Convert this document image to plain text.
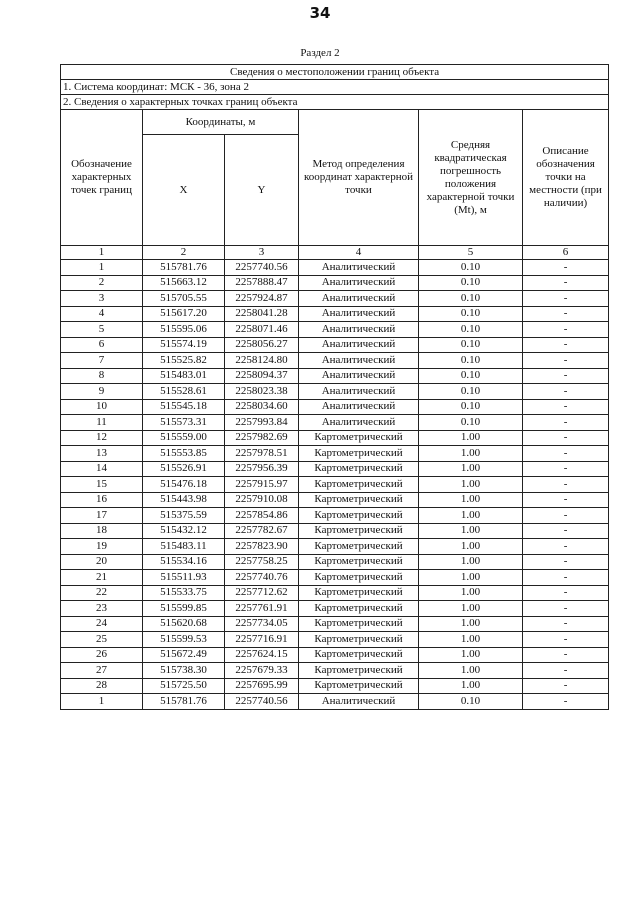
34
Раздел 2
Сведения о местоположении границ объекта					
1. Система координат: МСК - 36, зона 2					
2. Сведения о характерных точках границ объекта					
Обозначение характерных точек границ	Координаты, м		Метод определения координат характерной точки	Средняя квадратическая погрешность положения характерной точки (Mt), м	Описание обозначения точки на местности (при наличии)
	X	Y			
1	2	3	4	5	6
1	515781.76	2257740.56	Аналитический	0.10	-
2	515663.12	2257888.47	Аналитический	0.10	-
3	515705.55	2257924.87	Аналитический	0.10	-
4	515617.20	2258041.28	Аналитический	0.10	-
5	515595.06	2258071.46	Аналитический	0.10	-
6	515574.19	2258056.27	Аналитический	0.10	-
7	515525.82	2258124.80	Аналитический	0.10	-
8	515483.01	2258094.37	Аналитический	0.10	-
9	515528.61	2258023.38	Аналитический	0.10	-
10	515545.18	2258034.60	Аналитический	0.10	-
11	515573.31	2257993.84	Аналитический	0.10	-
12	515559.00	2257982.69	Картометрический	1.00	-
13	515553.85	2257978.51	Картометрический	1.00	-
14	515526.91	2257956.39	Картометрический	1.00	-
15	515476.18	2257915.97	Картометрический	1.00	-
16	515443.98	2257910.08	Картометрический	1.00	-
17	515375.59	2257854.86	Картометрический	1.00	-
18	515432.12	2257782.67	Картометрический	1.00	-
19	515483.11	2257823.90	Картометрический	1.00	-
20	515534.16	2257758.25	Картометрический	1.00	-
21	515511.93	2257740.76	Картометрический	1.00	-
22	515533.75	2257712.62	Картометрический	1.00	-
23	515599.85	2257761.91	Картометрический	1.00	-
24	515620.68	2257734.05	Картометрический	1.00	-
25	515599.53	2257716.91	Картометрический	1.00	-
26	515672.49	2257624.15	Картометрический	1.00	-
27	515738.30	2257679.33	Картометрический	1.00	-
28	515725.50	2257695.99	Картометрический	1.00	-
1	515781.76	2257740.56	Аналитический	0.10	-
